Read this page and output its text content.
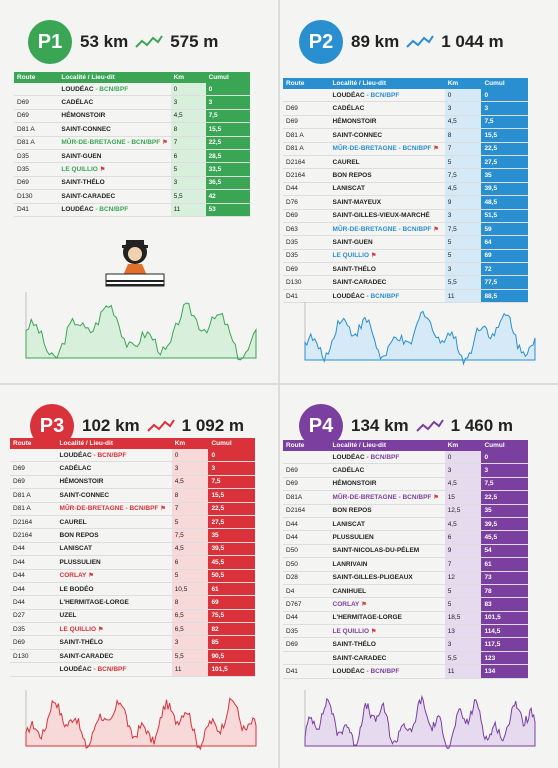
P1	53 km 575 m
Route	Localité / Lieu-dit	Km	Cumul
	LOUDÉAC - BCN/BPF	0	0
D69	CADÉLAC	3	3
D69	HÉMONSTOIR	4,5	7,5
D81 A	SAINT-CONNEC	8	15,5
D81 A	MÛR-DE-BRETAGNE - BCN/BPF ⚑	7	22,5
D35	SAINT-GUEN	6	28,5
D35	LE QUILLIO ⚑	5	33,5
D69	SAINT-THÉLO	3	36,5
D130	SAINT-CARADEC	5,5	42
D41	LOUDÉAC - BCN/BPF	11	53
P2	89 km 1 044 m
Route	Localité / Lieu-dit	Km	Cumul
	LOUDÉAC - BCN/BPF	0	0
D69	CADÉLAC	3	3
D69	HÉMONSTOIR	4,5	7,5
D81 A	SAINT-CONNEC	8	15,5
D81 A	MÛR-DE-BRETAGNE - BCN/BPF ⚑	7	22,5
D2164	CAUREL	5	27,5
D2164	BON REPOS	7,5	35
D44	LANISCAT	4,5	39,5
D76	SAINT-MAYEUX	9	48,5
D69	SAINT-GILLES-VIEUX-MARCHÉ	3	51,5
D63	MÛR-DE-BRETAGNE - BCN/BPF ⚑	7,5	59
D35	SAINT-GUEN	5	64
D35	LE QUILLIO ⚑	5	69
D69	SAINT-THÉLO	3	72
D130	SAINT-CARADEC	5,5	77,5
D41	LOUDÉAC - BCN/BPF	11	88,5
P3	102 km 1 092 m
Route	Localité / Lieu-dit	Km	Cumul
	LOUDÉAC - BCN/BPF	0	0
D69	CADÉLAC	3	3
D69	HÉMONSTOIR	4,5	7,5
D81 A	SAINT-CONNEC	8	15,5
D81 A	MÛR-DE-BRETAGNE - BCN/BPF ⚑	7	22,5
D2164	CAUREL	5	27,5
D2164	BON REPOS	7,5	35
D44	LANISCAT	4,5	39,5
D44	PLUSSULIEN	6	45,5
D44	CORLAY ⚑	5	50,5
D44	LE BODÉO	10,5	61
D44	L'HERMITAGE-LORGE	8	69
D27	UZEL	6,5	75,5
D35	LE QUILLIO ⚑	6,5	82
D69	SAINT-THÉLO	3	85
D130	SAINT-CARADEC	5,5	90,5
	LOUDÉAC - BCN/BPF	11	101,5
P4	134 km 1 460 m
Route	Localité / Lieu-dit	Km	Cumul
	LOUDÉAC - BCN/BPF	0	0
D69	CADÉLAC	3	3
D69	HÉMONSTOIR	4,5	7,5
D81A	MÛR-DE-BRETAGNE - BCN/BPF ⚑	15	22,5
D2164	BON REPOS	12,5	35
D44	LANISCAT	4,5	39,5
D44	PLUSSULIEN	6	45,5
D50	SAINT-NICOLAS-DU-PÉLEM	9	54
D50	LANRIVAIN	7	61
D28	SAINT-GILLES-PLIGEAUX	12	73
D4	CANIHUEL	5	78
D767	CORLAY ⚑	5	83
D44	L'HERMITAGE-LORGE	18,5	101,5
D35	LE QUILLIO ⚑	13	114,5
D69	SAINT-THÉLO	3	117,5
	SAINT-CARADEC	5,5	123
D41	LOUDÉAC - BCN/BPF	11	134
